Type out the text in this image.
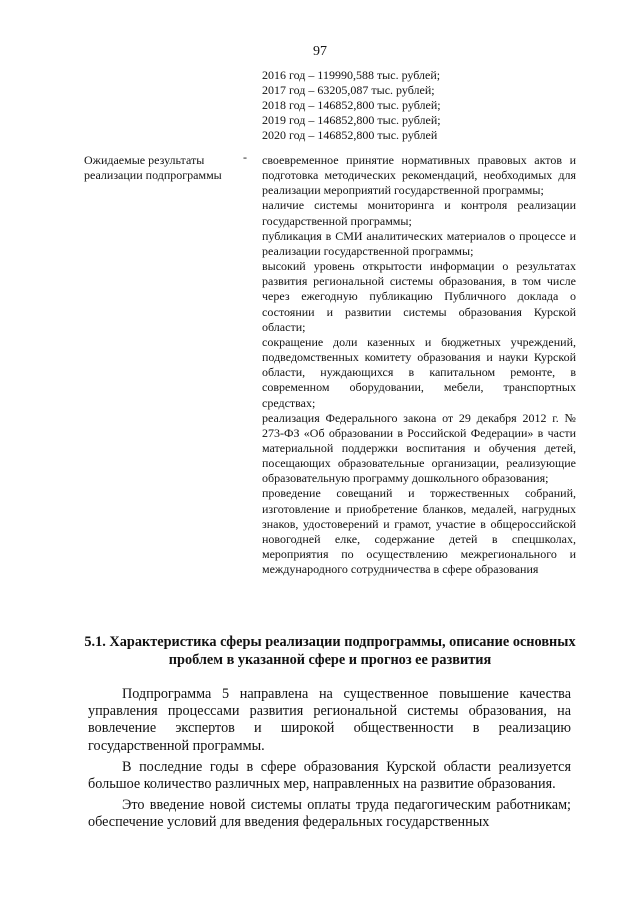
97
2016 год – 119990,588 тыс. рублей;
2017 год – 63205,087 тыс. рублей;
2018 год – 146852,800 тыс. рублей;
2019 год – 146852,800 тыс. рублей;
2020 год – 146852,800 тыс. рублей
Ожидаемые результаты реализации подпрограммы
- своевременное принятие нормативных правовых актов и подготовка методических рекомендаций, необходимых для реализации мероприятий государственной программы;

наличие системы мониторинга и контроля реализации государственной программы;

публикация в СМИ аналитических материалов о процессе и реализации государственной программы;

высокий уровень открытости информации о результатах развития региональной системы образования, в том числе через ежегодную публикацию Публичного доклада о состоянии и развитии системы образования Курской области;

сокращение доли казенных и бюджетных учреждений, подведомственных комитету образования и науки Курской области, нуждающихся в капитальном ремонте, в современном оборудовании, мебели, транспортных средствах;

реализация Федерального закона от 29 декабря 2012 г. № 273-ФЗ «Об образовании в Российской Федерации» в части материальной поддержки воспитания и обучения детей, посещающих образовательные организации, реализующие образовательную программу дошкольного образования;

проведение совещаний и торжественных собраний, изготовление и приобретение бланков, медалей, нагрудных знаков, удостоверений и грамот, участие в общероссийской новогодней елке, содержание детей в спецшколах, мероприятия по осуществлению межрегионального и международного сотрудничества в сфере образования

5.1. Характеристика сферы реализации подпрограммы, описание основных проблем в указанной сфере и прогноз ее развития

Подпрограмма 5 направлена на существенное повышение качества управления процессами развития региональной системы образования, на вовлечение экспертов и широкой общественности в реализацию государственной программы.

В последние годы в сфере образования Курской области реализуется большое количество различных мер, направленных на развитие образования.

Это введение новой системы оплаты труда педагогическим работникам; обеспечение условий для введения федеральных государственных
